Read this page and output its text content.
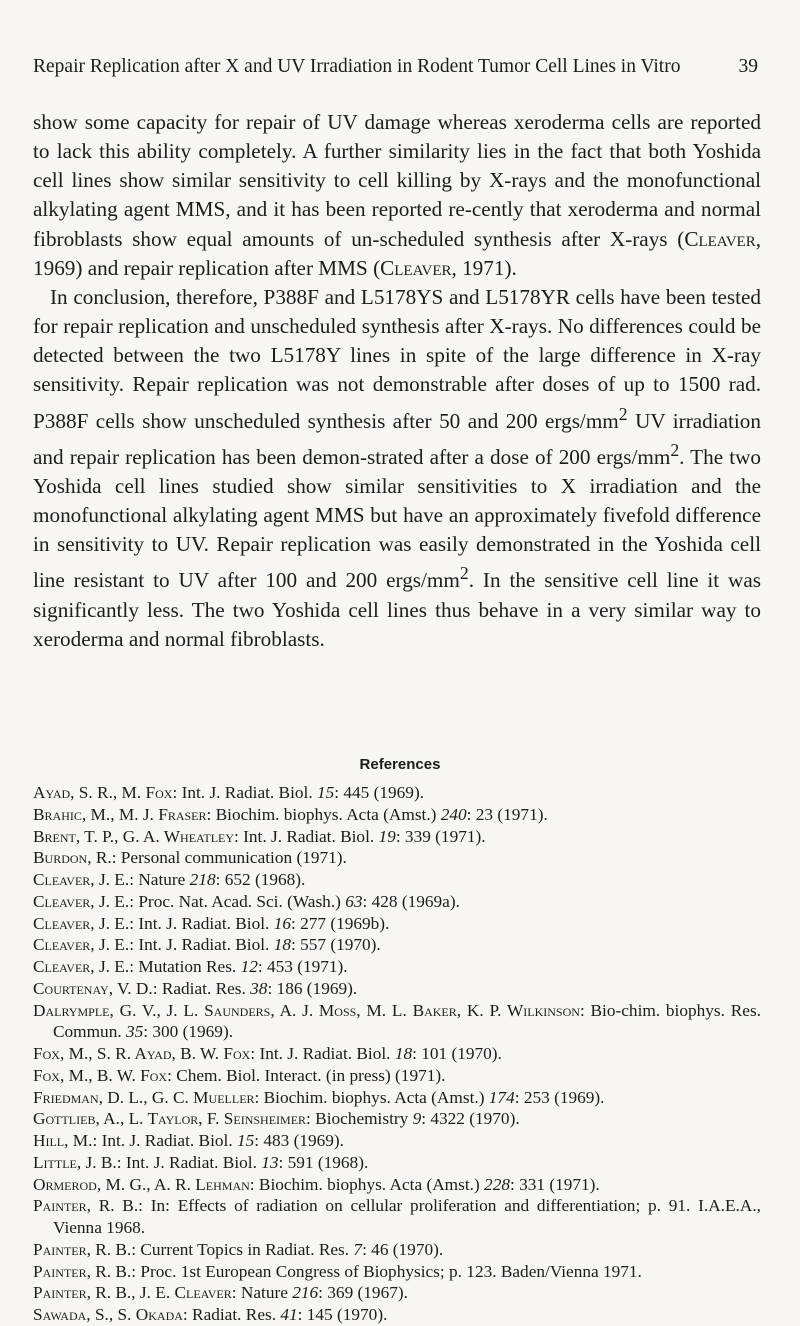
Repair Replication after X and UV Irradiation in Rodent Tumor Cell Lines in Vitro	39

show some capacity for repair of UV damage whereas xeroderma cells are reported to lack this ability completely. A further similarity lies in the fact that both Yoshida cell lines show similar sensitivity to cell killing by X-rays and the monofunctional alkylating agent MMS, and it has been reported re-cently that xeroderma and normal fibroblasts show equal amounts of un-scheduled synthesis after X-rays (Cleaver, 1969) and repair replication after MMS (Cleaver, 1971).

In conclusion, therefore, P388F and L5178YS and L5178YR cells have been tested for repair replication and unscheduled synthesis after X-rays. No differences could be detected between the two L5178Y lines in spite of the large difference in X-ray sensitivity. Repair replication was not demonstrable after doses of up to 1500 rad. P388F cells show unscheduled synthesis after 50 and 200 ergs/$mm^2$ UV irradiation and repair replication has been demon-strated after a dose of 200 ergs/$mm^2$. The two Yoshida cell lines studied show similar sensitivities to X irradiation and the monofunctional alkylating agent MMS but have an approximately fivefold difference in sensitivity to UV. Repair replication was easily demonstrated in the Yoshida cell line resistant to UV after 100 and 200 ergs/$mm^2$. In the sensitive cell line it was significantly less. The two Yoshida cell lines thus behave in a very similar way to xeroderma and normal fibroblasts.

References
Ayad, S. R., M. Fox: Int. J. Radiat. Biol. 15: 445 (1969).
Brahic, M., M. J. Fraser: Biochim. biophys. Acta (Amst.) 240: 23 (1971).
Brent, T. P., G. A. Wheatley: Int. J. Radiat. Biol. 19: 339 (1971).
Burdon, R.: Personal communication (1971).
Cleaver, J. E.: Nature 218: 652 (1968).
Cleaver, J. E.: Proc. Nat. Acad. Sci. (Wash.) 63: 428 (1969a).
Cleaver, J. E.: Int. J. Radiat. Biol. 16: 277 (1969b).
Cleaver, J. E.: Int. J. Radiat. Biol. 18: 557 (1970).
Cleaver, J. E.: Mutation Res. 12: 453 (1971).
Courtenay, V. D.: Radiat. Res. 38: 186 (1969).
Dalrymple, G. V., J. L. Saunders, A. J. Moss, M. L. Baker, K. P. Wilkinson: Bio-chim. biophys. Res. Commun. 35: 300 (1969).
Fox, M., S. R. Ayad, B. W. Fox: Int. J. Radiat. Biol. 18: 101 (1970).
Fox, M., B. W. Fox: Chem. Biol. Interact. (in press) (1971).
Friedman, D. L., G. C. Mueller: Biochim. biophys. Acta (Amst.) 174: 253 (1969).
Gottlieb, A., L. Taylor, F. Seinsheimer: Biochemistry 9: 4322 (1970).
Hill, M.: Int. J. Radiat. Biol. 15: 483 (1969).
Little, J. B.: Int. J. Radiat. Biol. 13: 591 (1968).
Ormerod, M. G., A. R. Lehman: Biochim. biophys. Acta (Amst.) 228: 331 (1971).
Painter, R. B.: In: Effects of radiation on cellular proliferation and differentiation; p. 91. I.A.E.A., Vienna 1968.
Painter, R. B.: Current Topics in Radiat. Res. 7: 46 (1970).
Painter, R. B.: Proc. 1st European Congress of Biophysics; p. 123. Baden/Vienna 1971.
Painter, R. B., J. E. Cleaver: Nature 216: 369 (1967).
Sawada, S., S. Okada: Radiat. Res. 41: 145 (1970).
